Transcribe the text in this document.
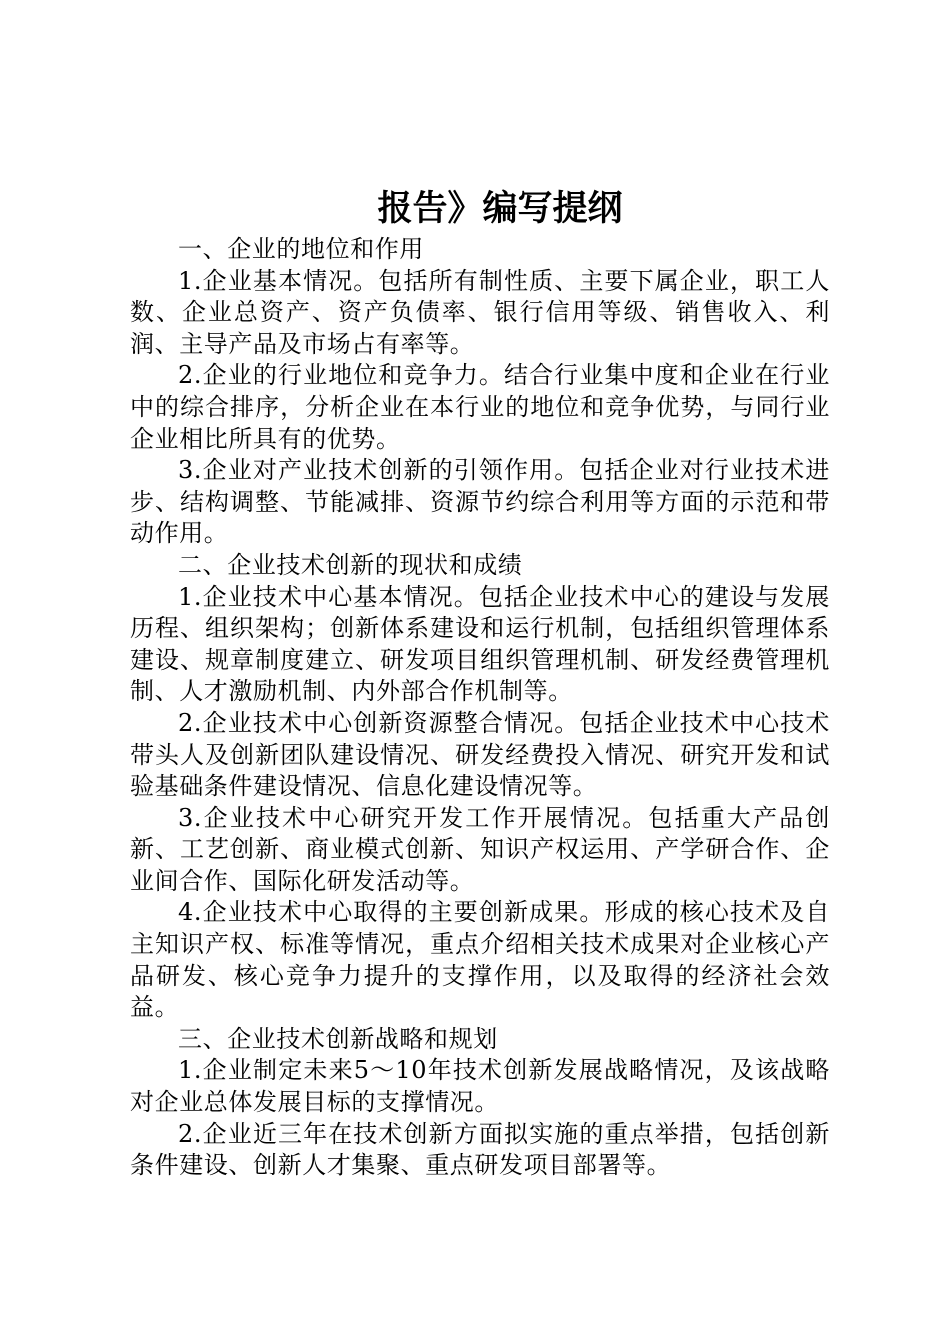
报告》编写提纲

一、企业的地位和作用

1.企业基本情况。包括所有制性质、主要下属企业，职工人数、企业总资产、资产负债率、银行信用等级、销售收入、利润、主导产品及市场占有率等。

2.企业的行业地位和竞争力。结合行业集中度和企业在行业中的综合排序，分析企业在本行业的地位和竞争优势，与同行业企业相比所具有的优势。

3.企业对产业技术创新的引领作用。包括企业对行业技术进步、结构调整、节能减排、资源节约综合利用等方面的示范和带动作用。

二、企业技术创新的现状和成绩

1.企业技术中心基本情况。包括企业技术中心的建设与发展历程、组织架构；创新体系建设和运行机制，包括组织管理体系建设、规章制度建立、研发项目组织管理机制、研发经费管理机制、人才激励机制、内外部合作机制等。

2.企业技术中心创新资源整合情况。包括企业技术中心技术带头人及创新团队建设情况、研发经费投入情况、研究开发和试验基础条件建设情况、信息化建设情况等。

3.企业技术中心研究开发工作开展情况。包括重大产品创新、工艺创新、商业模式创新、知识产权运用、产学研合作、企业间合作、国际化研发活动等。

4.企业技术中心取得的主要创新成果。形成的核心技术及自主知识产权、标准等情况，重点介绍相关技术成果对企业核心产品研发、核心竞争力提升的支撑作用，以及取得的经济社会效益。

三、企业技术创新战略和规划

1.企业制定未来5～10年技术创新发展战略情况，及该战略对企业总体发展目标的支撑情况。

2.企业近三年在技术创新方面拟实施的重点举措，包括创新条件建设、创新人才集聚、重点研发项目部署等。
